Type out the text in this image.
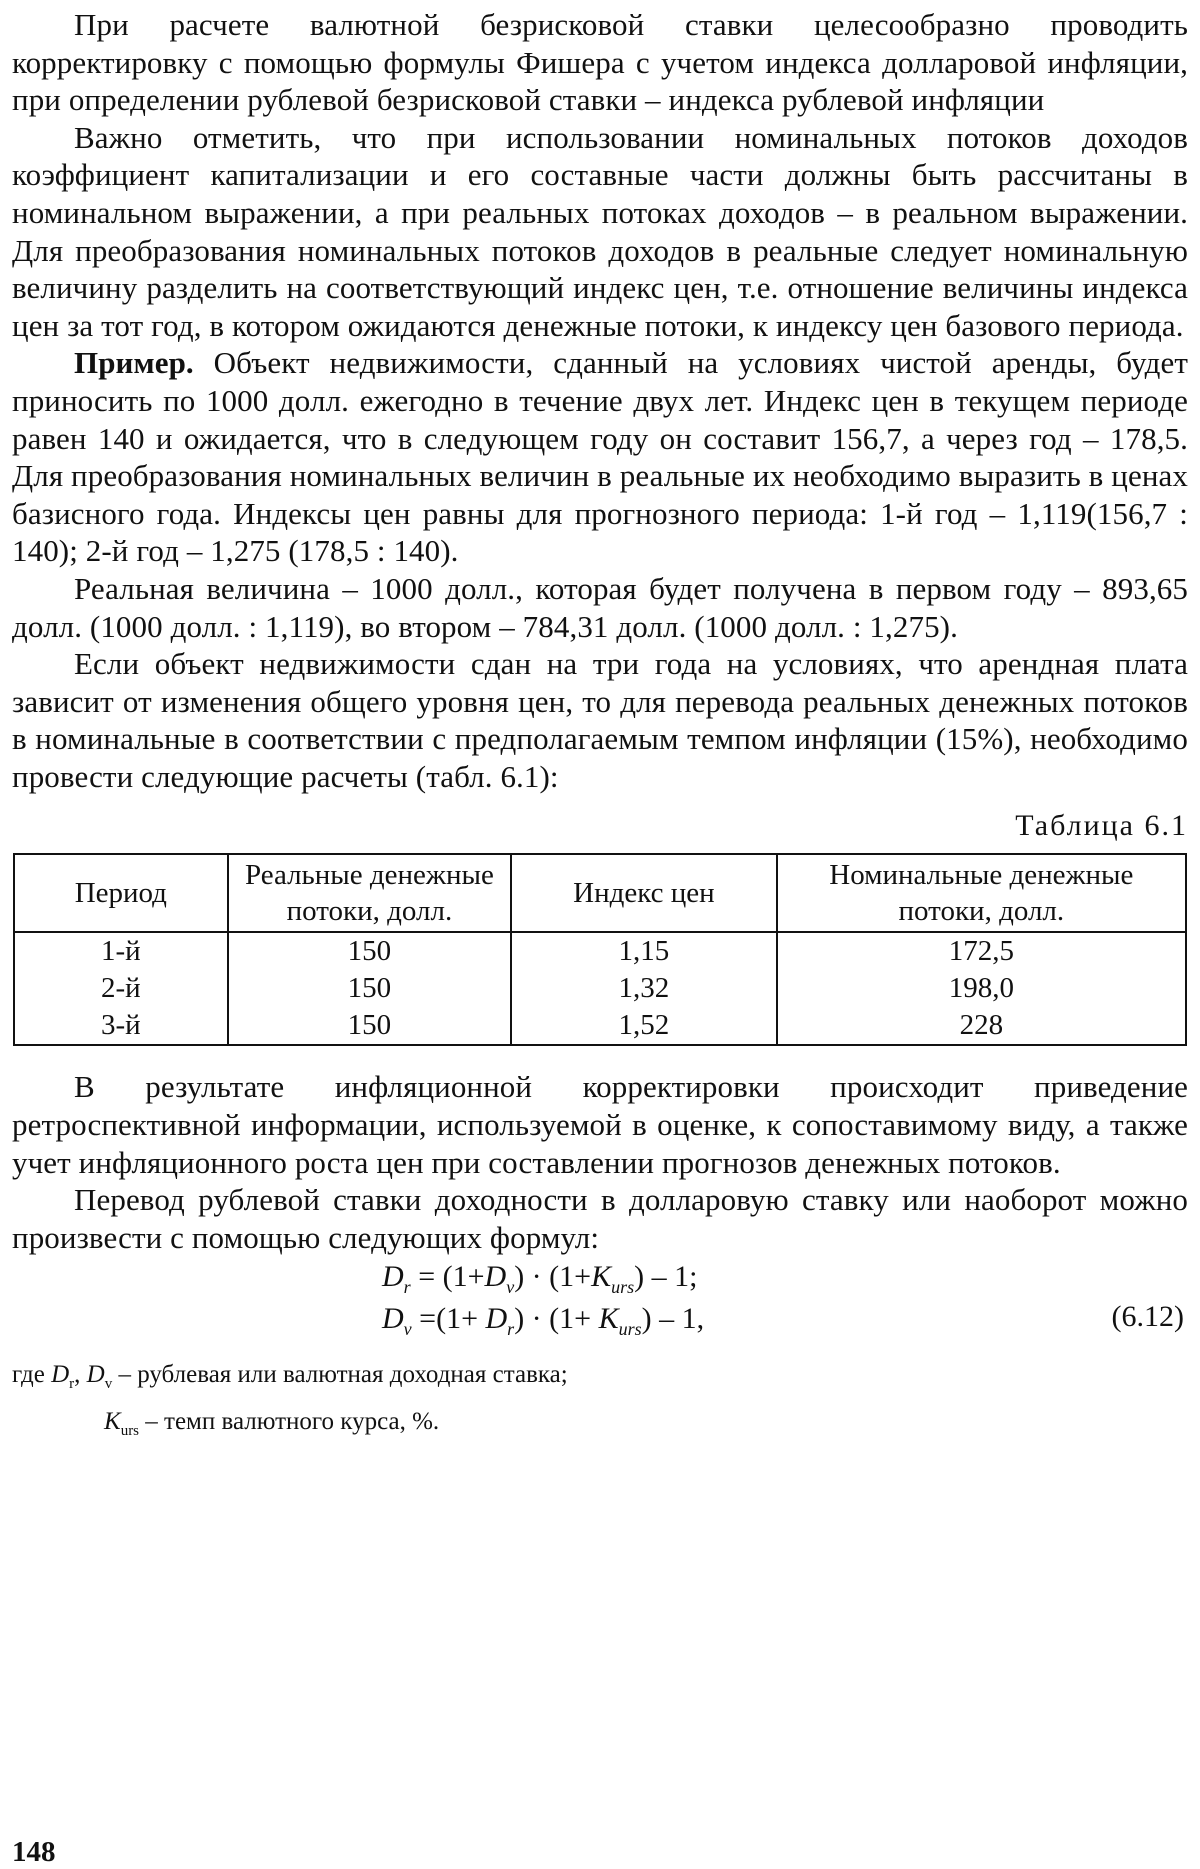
При расчете валютной безрисковой ставки целесообразно проводить корректировку с помощью формулы Фишера с учетом индекса долларовой инфляции, при определении рублевой безрисковой ставки – индекса рублевой инфляции

Важно отметить, что при использовании номинальных потоков доходов коэффициент капитализации и его составные части должны быть рассчитаны в номинальном выражении, а при реальных потоках доходов – в реальном выражении. Для преобразования номинальных потоков доходов в реальные следует номинальную величину разделить на соответствующий индекс цен, т.е. отношение величины индекса цен за тот год, в котором ожидаются денежные потоки, к индексу цен базового периода.

Пример. Объект недвижимости, сданный на условиях чистой аренды, будет приносить по 1000 долл. ежегодно в течение двух лет. Индекс цен в текущем периоде равен 140 и ожидается, что в следующем году он составит 156,7, а через год – 178,5. Для преобразования номинальных величин в реальные их необходимо выразить в ценах базисного года. Индексы цен равны для прогнозного периода: 1-й год – 1,119(156,7 : 140); 2-й год – 1,275 (178,5 : 140).

Реальная величина – 1000 долл., которая будет получена в первом году – 893,65 долл. (1000 долл. : 1,119), во втором – 784,31 долл. (1000 долл. : 1,275).

Если объект недвижимости сдан на три года на условиях, что арендная плата зависит от изменения общего уровня цен, то для перевода реальных денежных потоков в номинальные в соответствии с предполагаемым темпом инфляции (15%), необходимо провести следующие расчеты (табл. 6.1):

Таблица 6.1
Период	Реальные денежные потоки, долл.	Индекс цен	Номинальные денежные потоки, долл.
1-й	150	1,15	172,5
2-й	150	1,32	198,0
3-й	150	1,52	228

В результате инфляционной корректировки происходит приведение ретроспективной информации, используемой в оценке, к сопоставимому виду, а также учет инфляционного роста цен при составлении прогнозов денежных потоков.

Перевод рублевой ставки доходности в долларовую ставку или наоборот можно произвести с помощью следующих формул:

$D_r = (1+D_v) \cdot (1+K_{urs}) - 1$;
$D_v =(1+ D_r) \cdot (1+ K_{urs}) - 1$,	(6.12)

где $D_r$, $D_v$ – рублевая или валютная доходная ставка;

$K_{urs}$ – темп валютного курса, %.

148
